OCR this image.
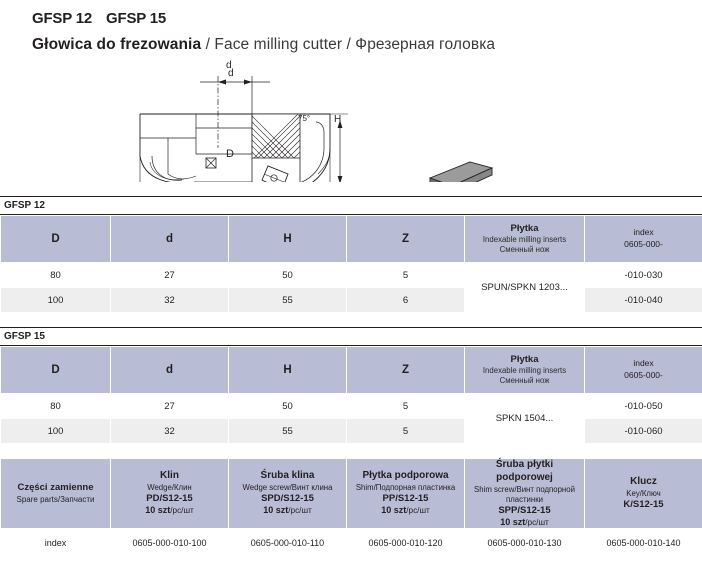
GFSP 12 GFSP 15
Głowica do frezowania / Face milling cutter / Фрезерная головка
d
d
D
H
75°
GFSP 12
D	d	H	Z	
Płytka
Indexable milling inserts
Сменный нож

index
0605-000-

80	27	50	5	SPUN/SPKN 1203...	-010-030
100	32	55	6		-010-040
GFSP 15
D	d	H	Z	
Płytka
Indexable milling inserts
Сменный нож

index
0605-000-

80	27	50	5	SPKN 1504...	-010-050
100	32	55	5		-010-060
Części zamienne
Spare parts/Запчасти

Klin
Wedge/Клин
PD/S12-15
10 szt/pc/шт

Śruba klina
Wedge screw/Винт клина
SPD/S12-15
10 szt/pc/шт

Płytka podporowa
Shim/Подпорная пластинка
PP/S12-15
10 szt/pc/шт

Śruba płytki podporowej
Shim screw/Винт подпорной пластинки
SPP/S12-15
10 szt/pc/шт

Klucz
Key/Ключ
K/S12-15

index	0605-000-010-100	0605-000-010-110	0605-000-010-120	0605-000-010-130	0605-000-010-140
